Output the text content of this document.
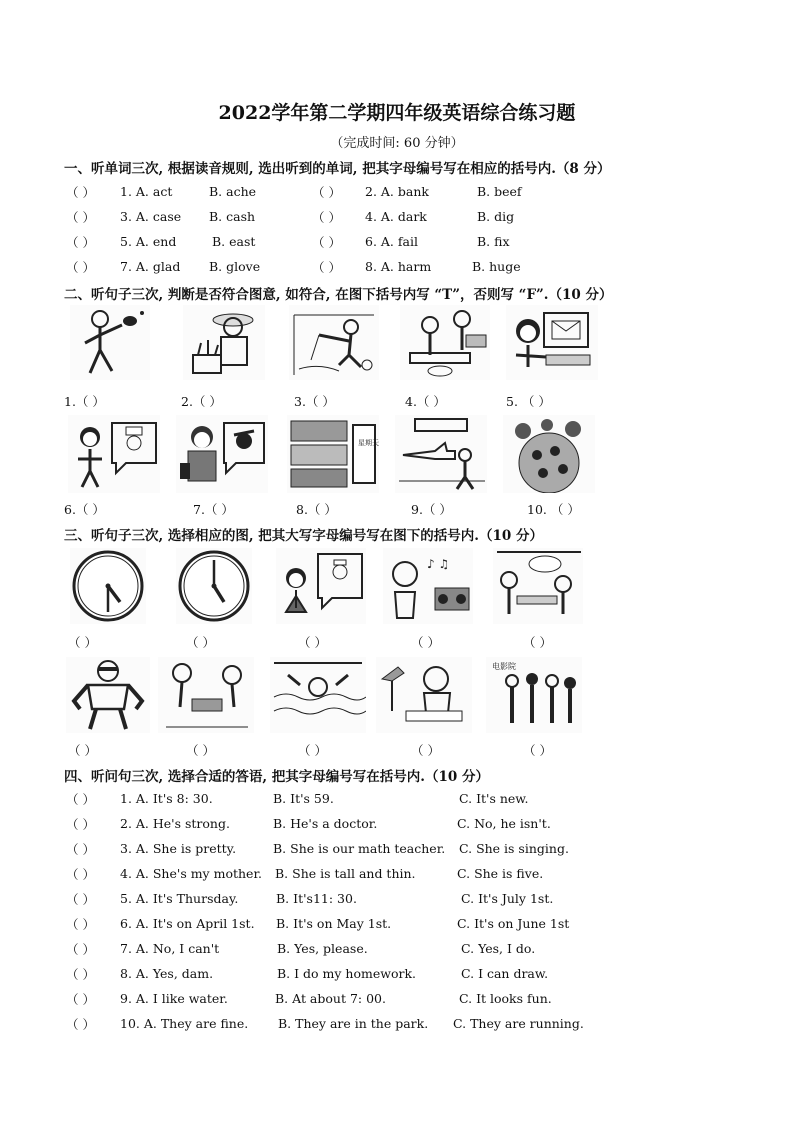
2022学年第二学期四年级英语综合练习题
（完成时间: 60 分钟）
一、听单词三次, 根据读音规则, 选出听到的单词, 把其字母编号写在相应的括号内.（8 分）
（ ） 1. A. act	B. ache	（ ） 2. A. bank	B. beef
（ ） 3. A. case B. cash	（ ） 4. A. dark	B. dig
（ ） 5. A. end	B. east	（ ） 6. A. fail	B. fix
（ ） 7. A. glad B. glove	（ ） 8. A. harm	B. huge
二、听句子三次, 判断是否符合图意, 如符合, 在图下括号内写 “T”，否则写 “F”.（10 分）
1.（ ）	2.（ ）	3.（ ）	4.（ ）	5. （ ）
星期天
6.（ ）	7.（ ）	8.（ ）	9.（ ）	10. （ ）
三、听句子三次, 选择相应的图, 把其大写字母编号写在图下的括号内.（10 分）
♪ ♫
（ ）	（ ）	（ ）	（ ）	（ ）
电影院
（ ）	（ ）	（ ）	（ ）	（ ）
四、听问句三次, 选择合适的答语, 把其字母编号写在括号内.（10 分）
（ ） 1. A. It's 8: 30.	B. It's 59.	C. It's new.
（ ） 2. A. He's strong.	B. He's a doctor.	C. No, he isn't.
（ ） 3. A. She is pretty.	B. She is our math teacher. C. She is singing.
（ ） 4. A. She's my mother. B. She is tall and thin.	C. She is five.
（ ） 5. A. It's Thursday.	B. It's11: 30.	C. It's July 1st.
（ ） 6. A. It's on April 1st. B. It's on May 1st.	C. It's on June 1st
（ ） 7. A. No, I can't	B. Yes, please.	C. Yes, I do.
（ ） 8. A. Yes, dam.	B. I do my homework.	C. I can draw.
（ ） 9. A. I like water.	B. At about 7: 00.	C. It looks fun.
（ ） 10. A. They are fine. B. They are in the park. C. They are running.
